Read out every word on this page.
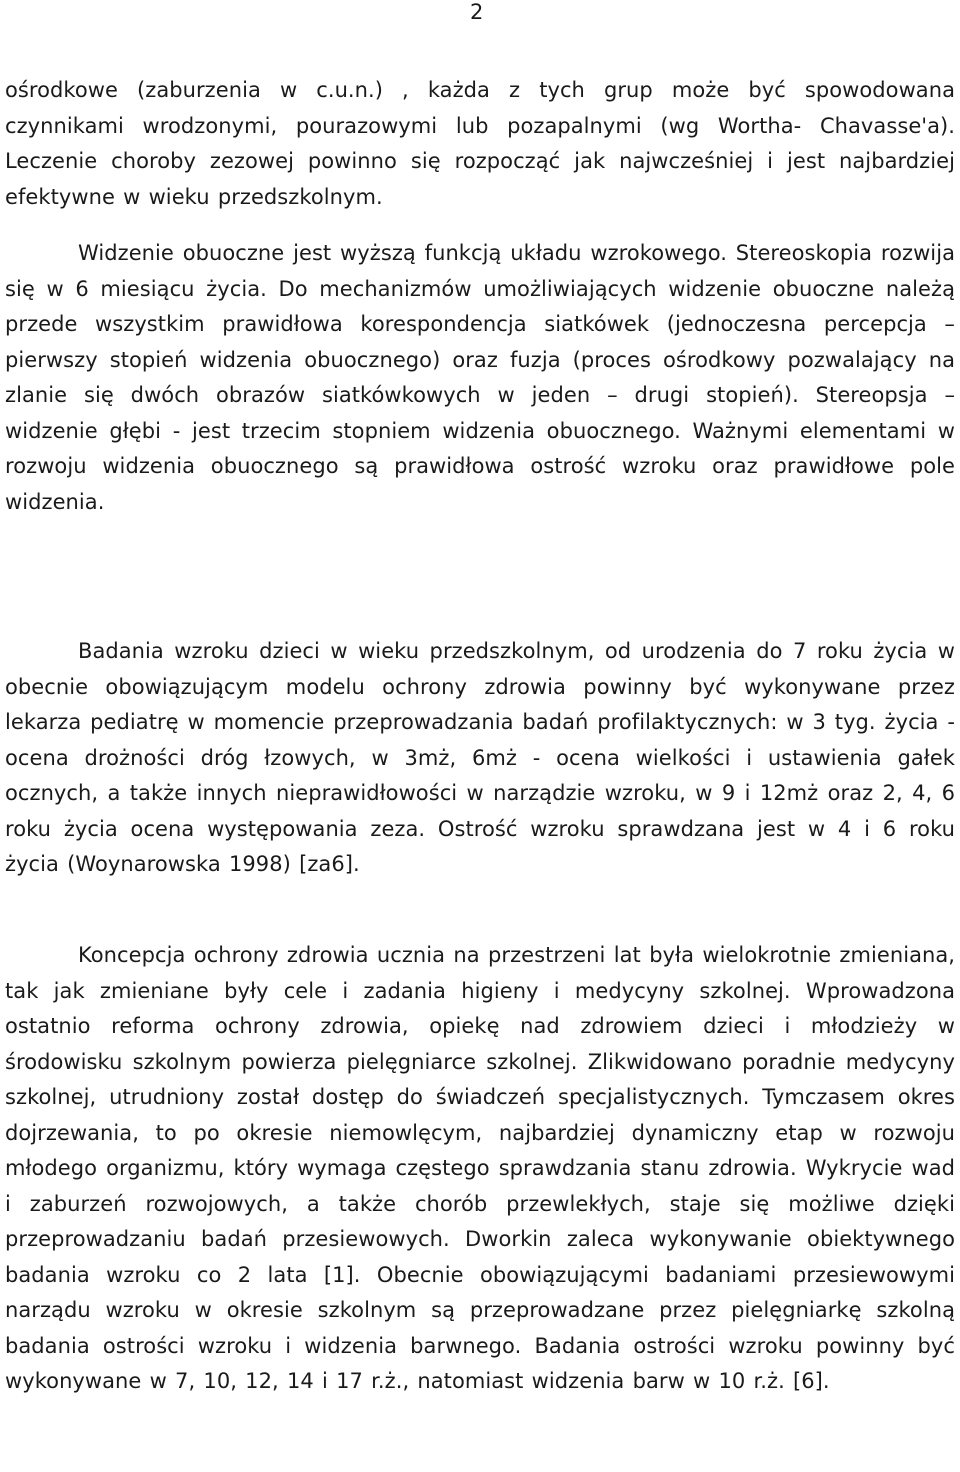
2

ośrodkowe (zaburzenia w c.u.n.) , każda z tych grup może być spowodowana czynnikami wrodzonymi, pourazowymi lub pozapalnymi (wg Wortha- Chavasse'a). Leczenie choroby zezowej powinno się rozpocząć jak najwcześniej i jest najbardziej efektywne w wieku przedszkolnym.

Widzenie obuoczne jest wyższą funkcją układu wzrokowego. Stereoskopia rozwija się w 6 miesiącu życia. Do mechanizmów umożliwiających widzenie obuoczne należą przede wszystkim prawidłowa korespondencja siatkówek (jednoczesna percepcja – pierwszy stopień widzenia obuocznego) oraz fuzja (proces ośrodkowy pozwalający na zlanie się dwóch obrazów siatkówkowych w jeden – drugi stopień). Stereopsja – widzenie głębi - jest trzecim stopniem widzenia obuocznego. Ważnymi elementami w rozwoju widzenia obuocznego są prawidłowa ostrość wzroku oraz prawidłowe pole widzenia.

Badania wzroku dzieci w wieku przedszkolnym, od urodzenia do 7 roku życia w obecnie obowiązującym modelu ochrony zdrowia powinny być wykonywane przez lekarza pediatrę w momencie przeprowadzania badań profilaktycznych: w 3 tyg. życia - ocena drożności dróg łzowych, w 3mż, 6mż - ocena wielkości i ustawienia gałek ocznych, a także innych nieprawidłowości w narządzie wzroku, w 9 i 12mż oraz 2, 4, 6 roku życia ocena występowania zeza. Ostrość wzroku sprawdzana jest w 4 i 6 roku życia (Woynarowska 1998) [za6].

Koncepcja ochrony zdrowia ucznia na przestrzeni lat była wielokrotnie zmieniana, tak jak zmieniane były cele i zadania higieny i medycyny szkolnej. Wprowadzona ostatnio reforma ochrony zdrowia, opiekę nad zdrowiem dzieci i młodzieży w środowisku szkolnym powierza pielęgniarce szkolnej. Zlikwidowano poradnie medycyny szkolnej, utrudniony został dostęp do świadczeń specjalistycznych. Tymczasem okres dojrzewania, to po okresie niemowlęcym, najbardziej dynamiczny etap w rozwoju młodego organizmu, który wymaga częstego sprawdzania stanu zdrowia. Wykrycie wad i zaburzeń rozwojowych, a także chorób przewlekłych, staje się możliwe dzięki przeprowadzaniu badań przesiewowych. Dworkin zaleca wykonywanie obiektywnego badania wzroku co 2 lata [1]. Obecnie obowiązującymi badaniami przesiewowymi narządu wzroku w okresie szkolnym są przeprowadzane przez pielęgniarkę szkolną badania ostrości wzroku i widzenia barwnego. Badania ostrości wzroku powinny być wykonywane w 7, 10, 12, 14 i 17 r.ż., natomiast widzenia barw w 10 r.ż. [6].
